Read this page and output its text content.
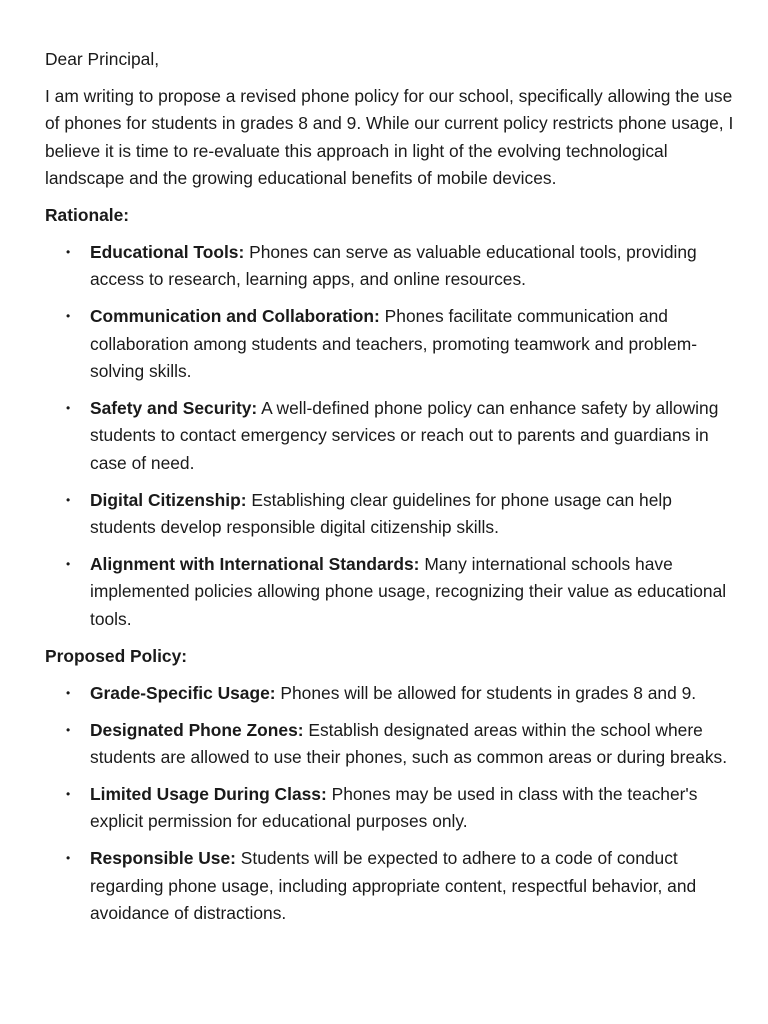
Dear Principal,

I am writing to propose a revised phone policy for our school, specifically allowing the use of phones for students in grades 8 and 9. While our current policy restricts phone usage, I believe it is time to re-evaluate this approach in light of the evolving technological landscape and the growing educational benefits of mobile devices.

Rationale:

• Educational Tools: Phones can serve as valuable educational tools, providing access to research, learning apps, and online resources.
• Communication and Collaboration: Phones facilitate communication and collaboration among students and teachers, promoting teamwork and problem-solving skills.
• Safety and Security: A well-defined phone policy can enhance safety by allowing students to contact emergency services or reach out to parents and guardians in case of need.
• Digital Citizenship: Establishing clear guidelines for phone usage can help students develop responsible digital citizenship skills.
• Alignment with International Standards: Many international schools have implemented policies allowing phone usage, recognizing their value as educational tools.

Proposed Policy:

• Grade-Specific Usage: Phones will be allowed for students in grades 8 and 9.
• Designated Phone Zones: Establish designated areas within the school where students are allowed to use their phones, such as common areas or during breaks.
• Limited Usage During Class: Phones may be used in class with the teacher's explicit permission for educational purposes only.
• Responsible Use: Students will be expected to adhere to a code of conduct regarding phone usage, including appropriate content, respectful behavior, and avoidance of distractions.
